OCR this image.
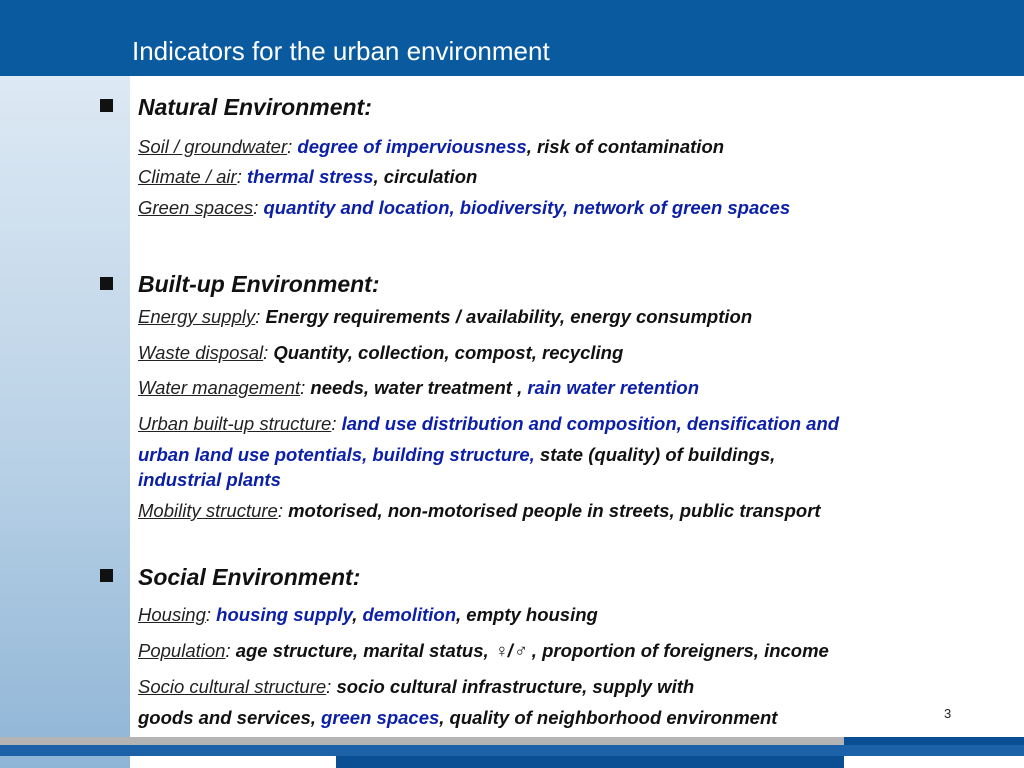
Indicators for the urban environment
Natural Environment:
Soil / groundwater: degree of imperviousness, risk of contamination
Climate / air: thermal stress, circulation
Green spaces: quantity and location, biodiversity, network of green spaces
Built-up Environment:
Energy supply: Energy requirements / availability, energy consumption
Waste disposal: Quantity, collection, compost, recycling
Water management: needs, water treatment , rain water retention
Urban built-up structure: land use distribution and composition, densification and
urban land use potentials, building structure, state (quality) of buildings,
industrial plants
Mobility structure: motorised, non-motorised people in streets, public transport
Social Environment:
Housing: housing supply, demolition, empty housing
Population: age structure, marital status, ♀/♂ , proportion of foreigners, income
Socio cultural structure: socio cultural infrastructure, supply with
goods and services, green spaces, quality of neighborhood environment	3
